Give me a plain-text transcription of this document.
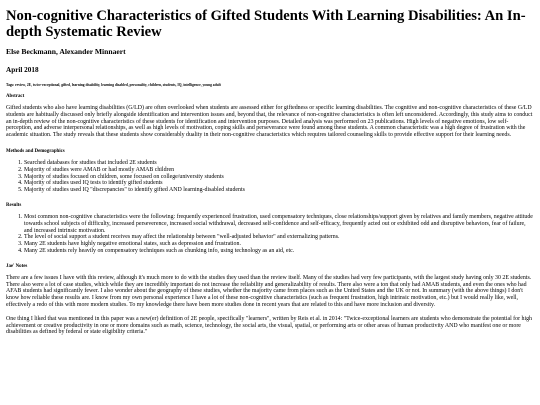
Non-cognitive Characteristics of Gifted Students With Learning Disabilities: An In-depth Systematic Review
Else Beckmann, Alexander Minnaert
April 2018
Tags: review, 2E, twice-exceptional, gifted, learning disability, learning disabled, personality, children, students, IQ, intelligence, young adult
Abstract

Gifted students who also have learning disabilities (G/LD) are often overlooked when students are assessed either for giftedness or specific learning disabilities. The cognitive and non-cognitive characteristics of these G/LD students are habitually discussed only briefly alongside identification and intervention issues and, beyond that, the relevance of non-cognitive characteristics is often left unconsidered. Accordingly, this study aims to conduct an in-depth review of the non-cognitive characteristics of these students for identification and intervention purposes. Detailed analysis was performed on 23 publications. High levels of negative emotions, low self-perception, and adverse interpersonal relationships, as well as high levels of motivation, coping skills and perseverance were found among these students. A common characteristic was a high degree of frustration with the academic situation. The study reveals that these students show considerably duality in their non-cognitive characteristics which requires tailored counseling skills to provide effective support for their learning needs.

Methods and Demographics
1. Searched databases for studies that included 2E students
2. Majority of studies were AMAB or had mostly AMAB children
3. Majority of studies focused on children, some focused on college/university students
4. Majority of studies used IQ tests to identify gifted students
5. Majority of studies used IQ "discrepancies" to identify gifted AND learning-disabled students
Results
1. Most common non-cognitive characteristics were the following: frequently experienced frustration, used compensatory techniques, close relationships/support given by relatives and family members, negative attitude towards school subjects of difficulty, increased perseverence, increased social withdrawal, decreased self-confidence and self-efficacy, frequently acted out or exhibited odd and disruptive behaviors, fear of failure, and increased intrinsic motivation.
2. The level of social support a student receives may affect the relationship between "well-adjusted behavior" and externalizing patterns.
3. Many 2E students have highly negative emotional states, such as depression and frustration.
4. Many 2E students rely heavily on compensatory techniques such as chunking info, using technology as an aid, etc.
Jae' Notes

There are a few issues I have with this review, although it's much more to do with the studies they used than the review itself. Many of the studies had very few participants, with the largest study having only 30 2E students. There also were a lot of case studies, which while they are incredibly important do not increase the reliability and generalizability of results. There also were a ton that only had AMAB students, and even the ones who had AFAB students had significantly fewer. I also wonder about the geography of these studies, whether the majority came from places such as the United States and the UK or not. In summary (with the above things) I don't know how reliable these results are. I know from my own personal experience I have a lot of these non-cognitive characteristics (such as frequent frustration, high intrinsic motivation, etc.) but I would really like, well, effectively a redo of this with more modern studies. To my knowledge there have been more studies done in recent years that are related to this and have more inclusion and diversity.

One thing I liked that was mentioned in this paper was a new(er) definition of 2E people, specifically "learners", written by Reis et al. in 2014: "Twice-exceptional learners are students who demonstrate the potential for high achievement or creative productivity in one or more domains such as math, science, technology, the social arts, the visual, spatial, or performing arts or other areas of human productivity AND who manifest one or more disabilities as defined by federal or state eligibility criteria."
